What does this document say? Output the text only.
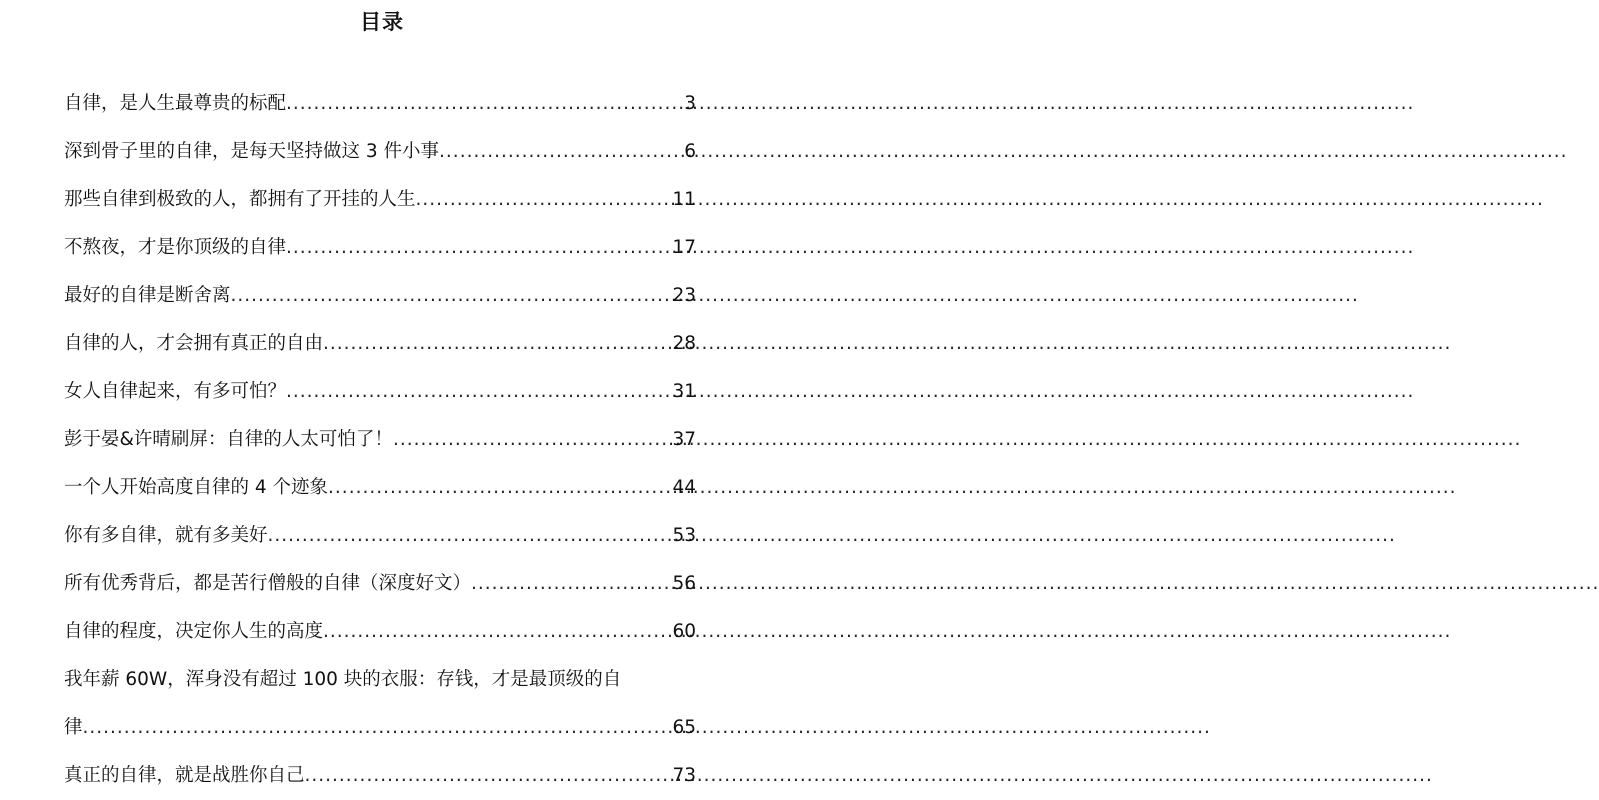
目录
自律，是人生最尊贵的标配 .....	3
深到骨子里的自律，是每天坚持做这 3 件小事 .....	6
那些自律到极致的人，都拥有了开挂的人生 .....	11
不熬夜，才是你顶级的自律 .....	17
最好的自律是断舍离 .....	23
自律的人，才会拥有真正的自由 .....	28
女人自律起来，有多可怕？ .....	31
彭于晏&许晴刷屏：自律的人太可怕了！ .....	37
一个人开始高度自律的 4 个迹象 .....	44
你有多自律，就有多美好 .....	53
所有优秀背后，都是苦行僧般的自律（深度好文） .....	56
自律的程度，决定你人生的高度 .....	60
我年薪 60W，浑身没有超过 100 块的衣服：存钱，才是最顶级的自
律 .....	65
真正的自律，就是战胜你自己 .....	73
